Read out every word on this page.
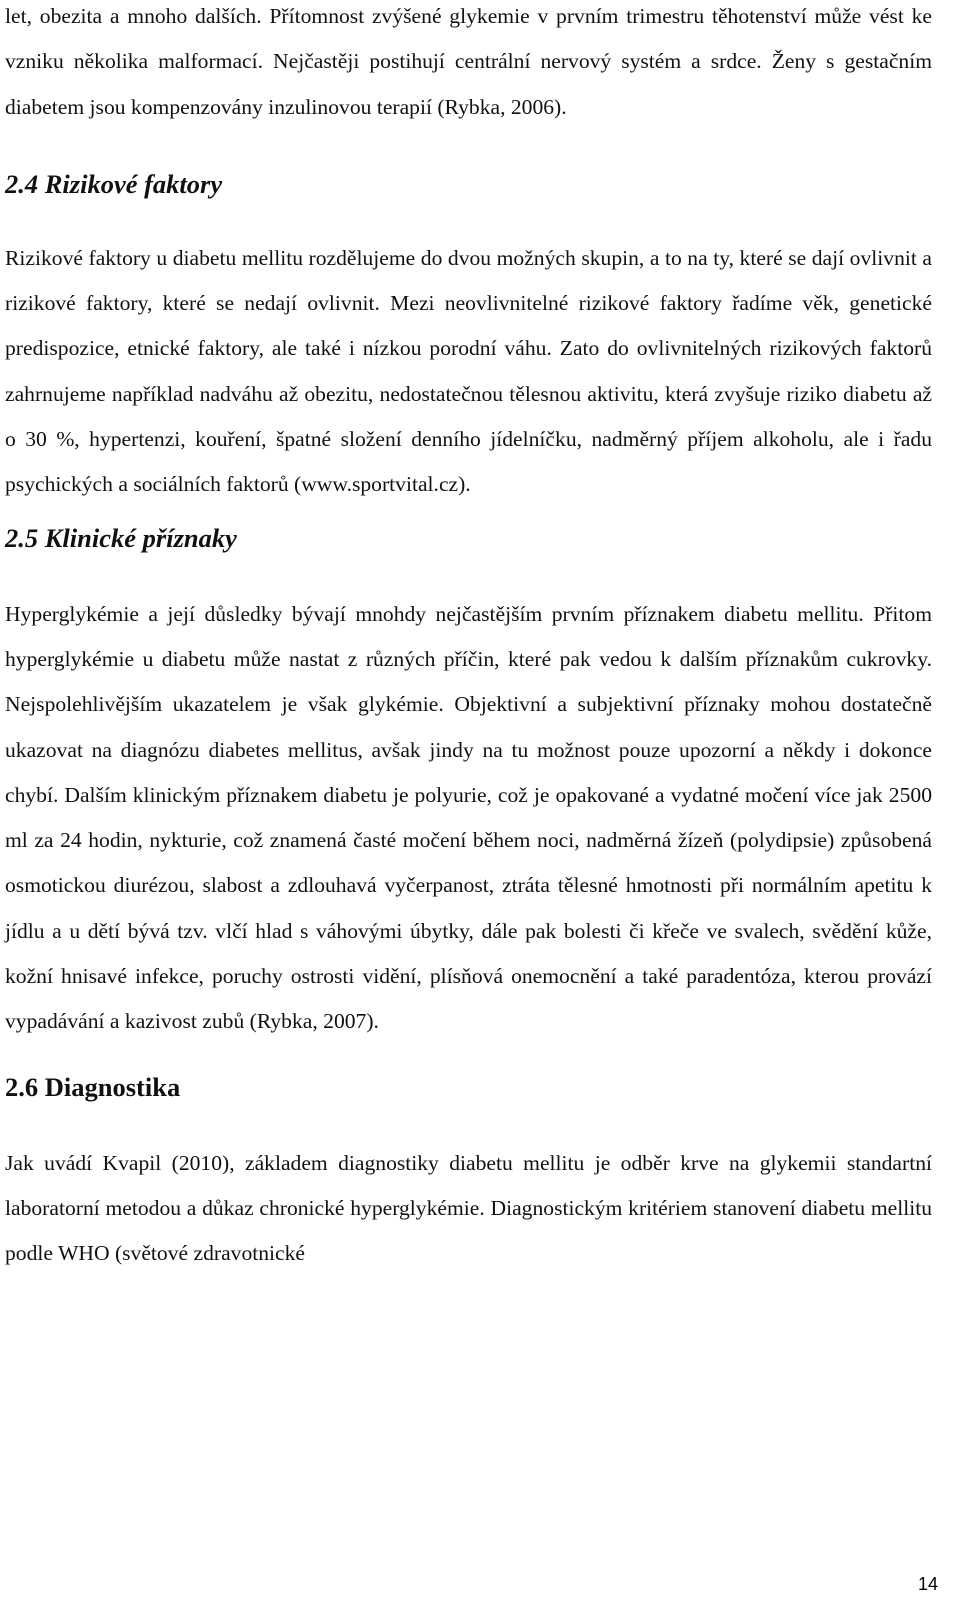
let, obezita a mnoho dalších. Přítomnost zvýšené glykemie v prvním trimestru těhotenství může vést ke vzniku několika malformací. Nejčastěji postihují centrální nervový systém a srdce. Ženy s gestačním diabetem jsou kompenzovány inzulinovou terapií (Rybka, 2006).

2.4 Rizikové faktory

Rizikové faktory u diabetu mellitu rozdělujeme do dvou možných skupin, a to na ty, které se dají ovlivnit a rizikové faktory, které se nedají ovlivnit. Mezi neovlivnitelné rizikové faktory řadíme věk, genetické predispozice, etnické faktory, ale také i nízkou porodní váhu. Zato do ovlivnitelných rizikových faktorů zahrnujeme například nadváhu až obezitu, nedostatečnou tělesnou aktivitu, která zvyšuje riziko diabetu až o 30 %, hypertenzi, kouření, špatné složení denního jídelníčku, nadměrný příjem alkoholu, ale i řadu psychických a sociálních faktorů (www.sportvital.cz).

2.5 Klinické příznaky

Hyperglykémie a její důsledky bývají mnohdy nejčastějším prvním příznakem diabetu mellitu. Přitom hyperglykémie u diabetu může nastat z různých příčin, které pak vedou k dalším příznakům cukrovky. Nejspolehlivějším ukazatelem je však glykémie. Objektivní a subjektivní příznaky mohou dostatečně ukazovat na diagnózu diabetes mellitus, avšak jindy na tu možnost pouze upozorní a někdy i dokonce chybí. Dalším klinickým příznakem diabetu je polyurie, což je opakované a vydatné močení více jak 2500 ml za 24 hodin, nykturie, což znamená časté močení během noci, nadměrná žízeň (polydipsie) způsobená osmotickou diurézou, slabost a zdlouhavá vyčerpanost, ztráta tělesné hmotnosti při normálním apetitu k jídlu a u dětí bývá tzv. vlčí hlad s váhovými úbytky, dále pak bolesti či křeče ve svalech, svědění kůže, kožní hnisavé infekce, poruchy ostrosti vidění, plísňová onemocnění a také paradentóza, kterou provází vypadávání a kazivost zubů (Rybka, 2007).

2.6 Diagnostika

Jak uvádí Kvapil (2010), základem diagnostiky diabetu mellitu je odběr krve na glykemii standartní laboratorní metodou a důkaz chronické hyperglykémie. Diagnostickým kritériem stanovení diabetu mellitu podle WHO (světové zdravotnické

14
